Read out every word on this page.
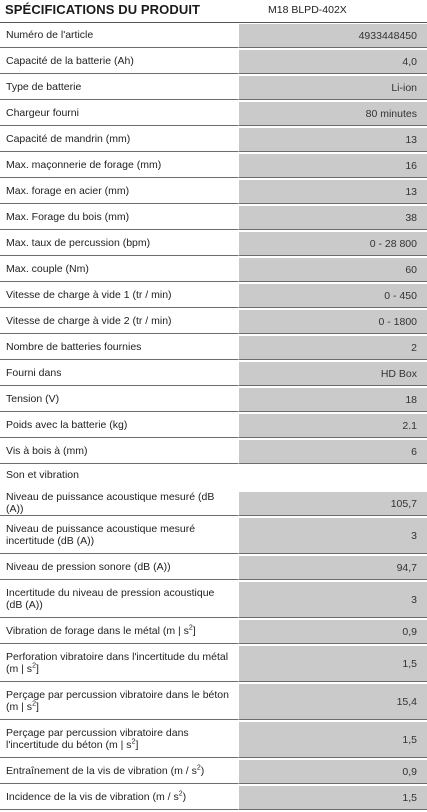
SPÉCIFICATIONS DU PRODUIT	M18 BLPD-402X
Numéro de l'article	4933448450
Capacité de la batterie (Ah)	4,0
Type de batterie	Li-ion
Chargeur fourni	80 minutes
Capacité de mandrin (mm)	13
Max. maçonnerie de forage (mm)	16
Max. forage en acier (mm)	13
Max. Forage du bois (mm)	38
Max. taux de percussion (bpm)	0 - 28 800
Max. couple (Nm)	60
Vitesse de charge à vide 1 (tr / min)	0 - 450
Vitesse de charge à vide 2 (tr / min)	0 - 1800
Nombre de batteries fournies	2
Fourni dans	HD Box
Tension (V)	18
Poids avec la batterie (kg)	2.1
Vis à bois à (mm)	6
Son et vibration
Niveau de puissance acoustique mesuré (dB (A))	105,7
Niveau de puissance acoustique mesuré incertitude (dB (A))	3
Niveau de pression sonore (dB (A))	94,7
Incertitude du niveau de pression acoustique (dB (A))	3
Vibration de forage dans le métal (m | $s^2$]	0,9
Perforation vibratoire dans l'incertitude du métal (m | $s^2$]	1,5
Perçage par percussion vibratoire dans le béton (m | $s^2$]	15,4
Perçage par percussion vibratoire dans l'incertitude du béton (m | $s^2$]	1,5
Entraînement de la vis de vibration $(m / s^2)$	0,9
Incidence de la vis de vibration $(m / s^2)$	1,5
